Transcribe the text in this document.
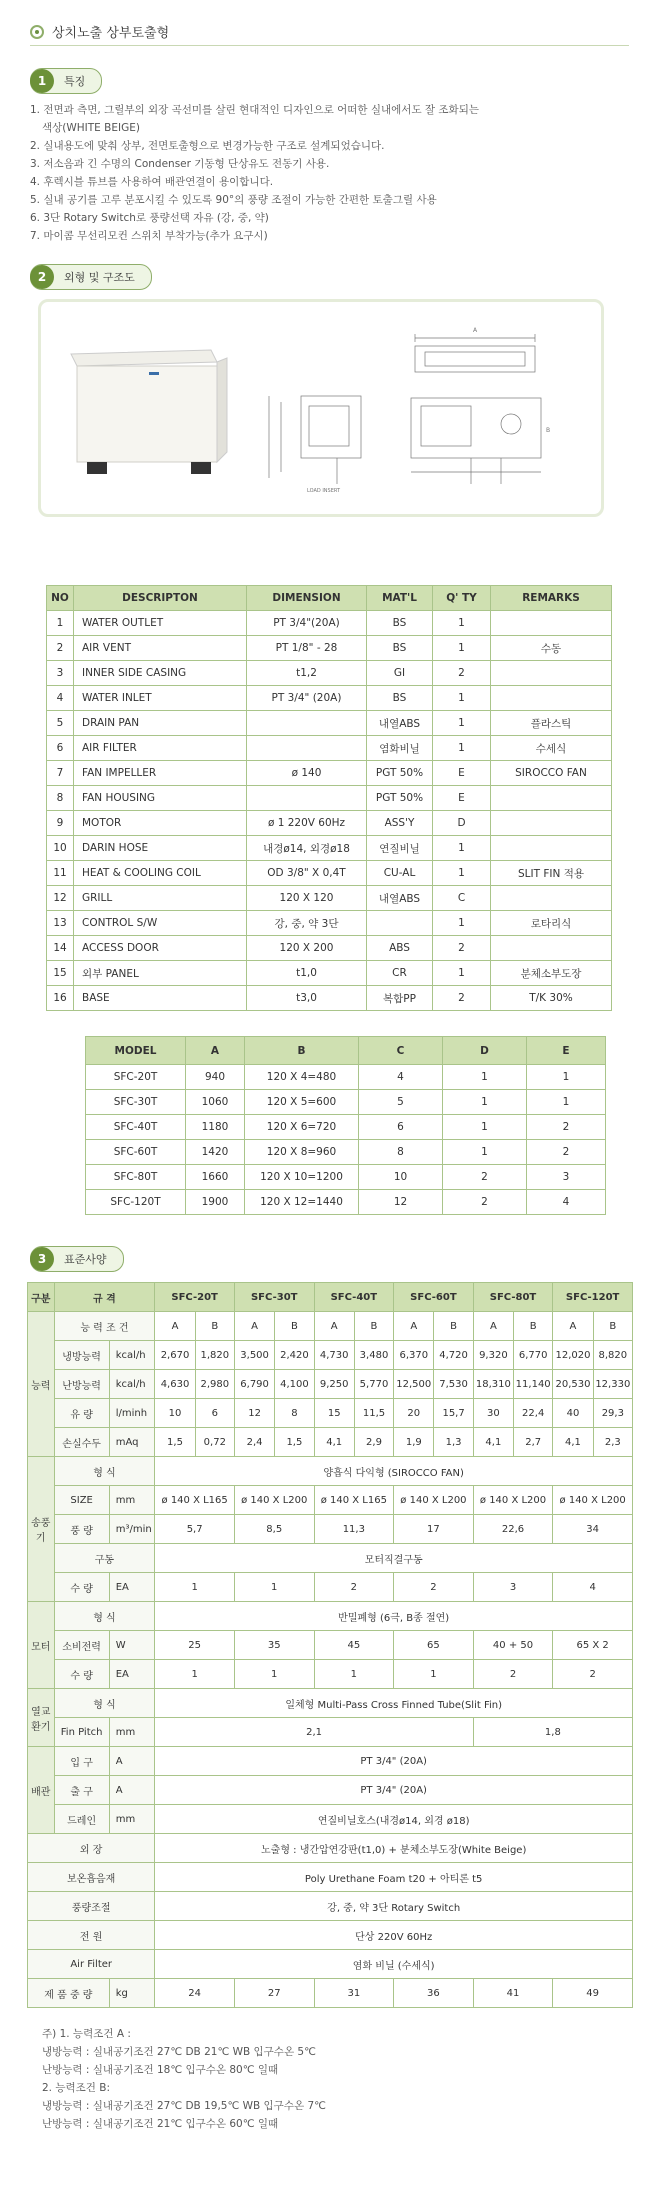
상치노출 상부토출형
1	특징
1. 전면과 측면, 그릴부의 외장 곡선미를 살린 현대적인 디자인으로 어떠한 실내에서도 잘 조화되는
색상(WHITE BEIGE)
2. 실내용도에 맞춰 상부, 전면토출형으로 변경가능한 구조로 설계되었습니다.
3. 저소음과 긴 수명의 Condenser 기동형 단상유도 전동기 사용.
4. 후렉시블 튜브를 사용하여 배관연결이 용이합니다.
5. 실내 공기를 고루 분포시킬 수 있도록 90°의 풍량 조절이 가능한 간편한 토출그릴 사용
6. 3단 Rotary Switch로 풍량선택 자유 (강, 중, 약)
7. 마이콤 무선리모컨 스위치 부착가능(추가 요구시)
2	외형 및 구조도
LOAD INSERT
A
B
NO	DESCRIPTON	DIMENSION	MAT'L	Q' TY	REMARKS
1	WATER OUTLET	PT 3/4"(20A)	BS	1	
2	AIR VENT	PT 1/8" - 28	BS	1	수동
3	INNER SIDE CASING	t1,2	GI	2	
4	WATER INLET	PT 3/4" (20A)	BS	1	
5	DRAIN PAN		내열ABS	1	플라스틱
6	AIR FILTER		염화비닐	1	수세식
7	FAN IMPELLER	ø 140	PGT 50%	E	SIROCCO FAN
8	FAN HOUSING		PGT 50%	E	
9	MOTOR	ø 1 220V 60Hz	ASS'Y	D	
10	DARIN HOSE	내경ø14, 외경ø18	연질비닐	1	
11	HEAT & COOLING COIL	OD 3/8" X 0,4T	CU-AL	1	SLIT FIN 적용
12	GRILL	120 X 120	내열ABS	C	
13	CONTROL S/W	강, 중, 약 3단		1	로타리식
14	ACCESS DOOR	120 X 200	ABS	2	
15	외부 PANEL	t1,0	CR	1	분체소부도장
16	BASE	t3,0	복합PP	2	T/K 30%
MODEL	A	B	C	D	E
SFC-20T	940	120 X 4=480	4	1	1
SFC-30T	1060	120 X 5=600	5	1	1
SFC-40T	1180	120 X 6=720	6	1	2
SFC-60T	1420	120 X 8=960	8	1	2
SFC-80T	1660	120 X 10=1200	10	2	3
SFC-120T	1900	120 X 12=1440	12	2	4
3	표준사양
구분	규 격		SFC-20T		SFC-30T		SFC-40T		SFC-60T		SFC-80T		SFC-120T	
능력	능 력 조 건		A	B	A	B	A	B	A	B	A	B	A	B
	냉방능력	kcal/h	2,670	1,820	3,500	2,420	4,730	3,480	6,370	4,720	9,320	6,770	12,020	8,820
	난방능력	kcal/h	4,630	2,980	6,790	4,100	9,250	5,770	12,500	7,530	18,310	11,140	20,530	12,330
	유 량	l/minh	10	6	12	8	15	11,5	20	15,7	30	22,4	40	29,3
	손실수두	mAq	1,5	0,72	2,4	1,5	4,1	2,9	1,9	1,3	4,1	2,7	4,1	2,3
송풍기	형 식		양흡식 다익형 (SIROCCO FAN)											
	SIZE	mm	ø 140 X L165		ø 140 X L200		ø 140 X L165		ø 140 X L200		ø 140 X L200		ø 140 X L200	
	풍 량	m³/min	5,7		8,5		11,3		17		22,6		34	
	구동		모터직결구동											
	수 량	EA	1		1		2		2		3		4	
모터	형 식		반밀폐형 (6극, B종 절연)											
	소비전력	W	25		35		45		65		40 + 50		65 X 2	
	수 량	EA	1		1		1		1		2		2	
열교환기	형 식		일체형 Multi-Pass Cross Finned Tube(Slit Fin)											
	Fin Pitch	mm	2,1								1,8			
배관	입 구	A	PT 3/4" (20A)											
	출 구	A	PT 3/4" (20A)											
	드레인	mm	연질비닐호스(내경ø14, 외경 ø18)											
외 장			노출형 : 냉간압연강판(t1,0) + 분체소부도장(White Beige)											
보온흡음재			Poly Urethane Foam t20 + 아티론 t5											
풍량조절			강, 중, 약 3단 Rotary Switch											
전 원			단상 220V 60Hz											
Air Filter			염화 비닐 (수세식)											
제 품 중 량		kg	24		27		31		36		41		49	
주) 1. 능력조건 A :
냉방능력 : 실내공기조건 27℃ DB 21℃ WB 입구수온 5℃
난방능력 : 실내공기조건 18℃ 입구수온 80℃ 일때
2. 능력조건 B:
냉방능력 : 실내공기조건 27℃ DB 19,5℃ WB 입구수온 7℃
난방능력 : 실내공기조건 21℃ 입구수온 60℃ 일때
